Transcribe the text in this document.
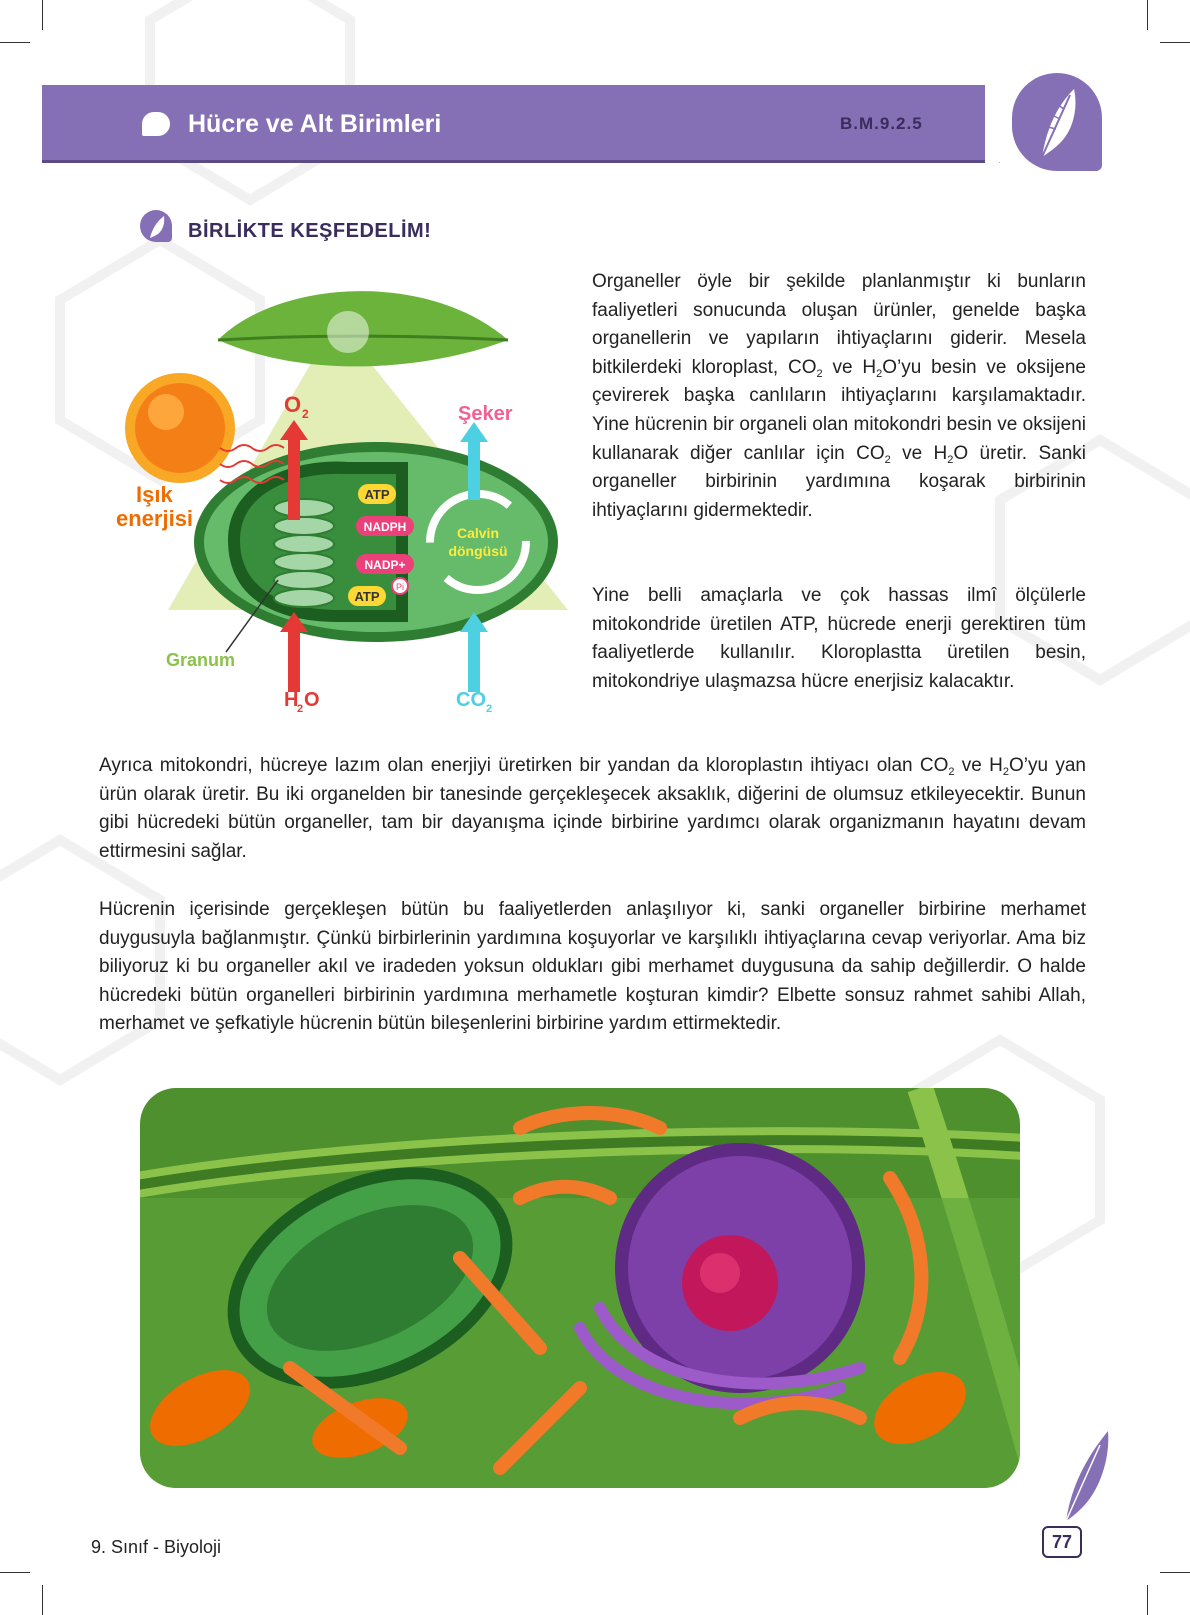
Hücre ve Alt Birimleri	B.M.9.2.5
BİRLİKTE KEŞFEDELİM!
Calvin
döngüsü
ATP
NADPH
NADP+
ATP
Pi
O 2	Şeker
Işık
enerjisi
Granum
H
2 O	CO 2

Organeller öyle bir şekilde planlanmıştır ki bunların faaliyetleri sonucunda oluşan ürünler, genelde başka organellerin ve yapıların ihtiyaçlarını giderir. Mesela bitkilerdeki kloroplast, $CO_2$ ve $H_2O’yu$ besin ve oksijene çevirerek başka canlıların ihtiyaçlarını karşılamaktadır. Yine hücrenin bir organeli olan mitokondri besin ve oksijeni kullanarak diğer canlılar için $CO_2$ ve $H_2O$ üretir. Sanki organeller birbirinin yardımına koşarak birbirinin ihtiyaçlarını gidermektedir.

Yine belli amaçlarla ve çok hassas ilmî ölçülerle mitokondride üretilen ATP, hücrede enerji gerektiren tüm faaliyetlerde kullanılır. Kloroplastta üretilen besin, mitokondriye ulaşmazsa hücre enerjisiz kalacaktır.

Ayrıca mitokondri, hücreye lazım olan enerjiyi üretirken bir yandan da kloroplastın ihtiyacı olan $CO_2$ ve $H_2O’yu$ yan ürün olarak üretir. Bu iki organelden bir tanesinde gerçekleşecek aksaklık, diğerini de olumsuz etkileyecektir. Bunun gibi hücredeki bütün organeller, tam bir dayanışma içinde birbirine yardımcı olarak organizmanın hayatını devam ettirmesini sağlar.

Hücrenin içerisinde gerçekleşen bütün bu faaliyetlerden anlaşılıyor ki, sanki organeller birbirine merhamet duygusuyla bağlanmıştır. Çünkü birbirlerinin yardımına koşuyorlar ve karşılıklı ihtiyaçlarına cevap veriyorlar. Ama biz biliyoruz ki bu organeller akıl ve iradeden yoksun oldukları gibi merhamet duygusuna da sahip değillerdir. O halde hücredeki bütün organelleri birbirinin yardımına merhametle koşturan kimdir? Elbette sonsuz rahmet sahibi Allah, merhamet ve şefkatiyle hücrenin bütün bileşenlerini birbirine yardım ettirmektedir.

9. Sınıf - Biyoloji	77
